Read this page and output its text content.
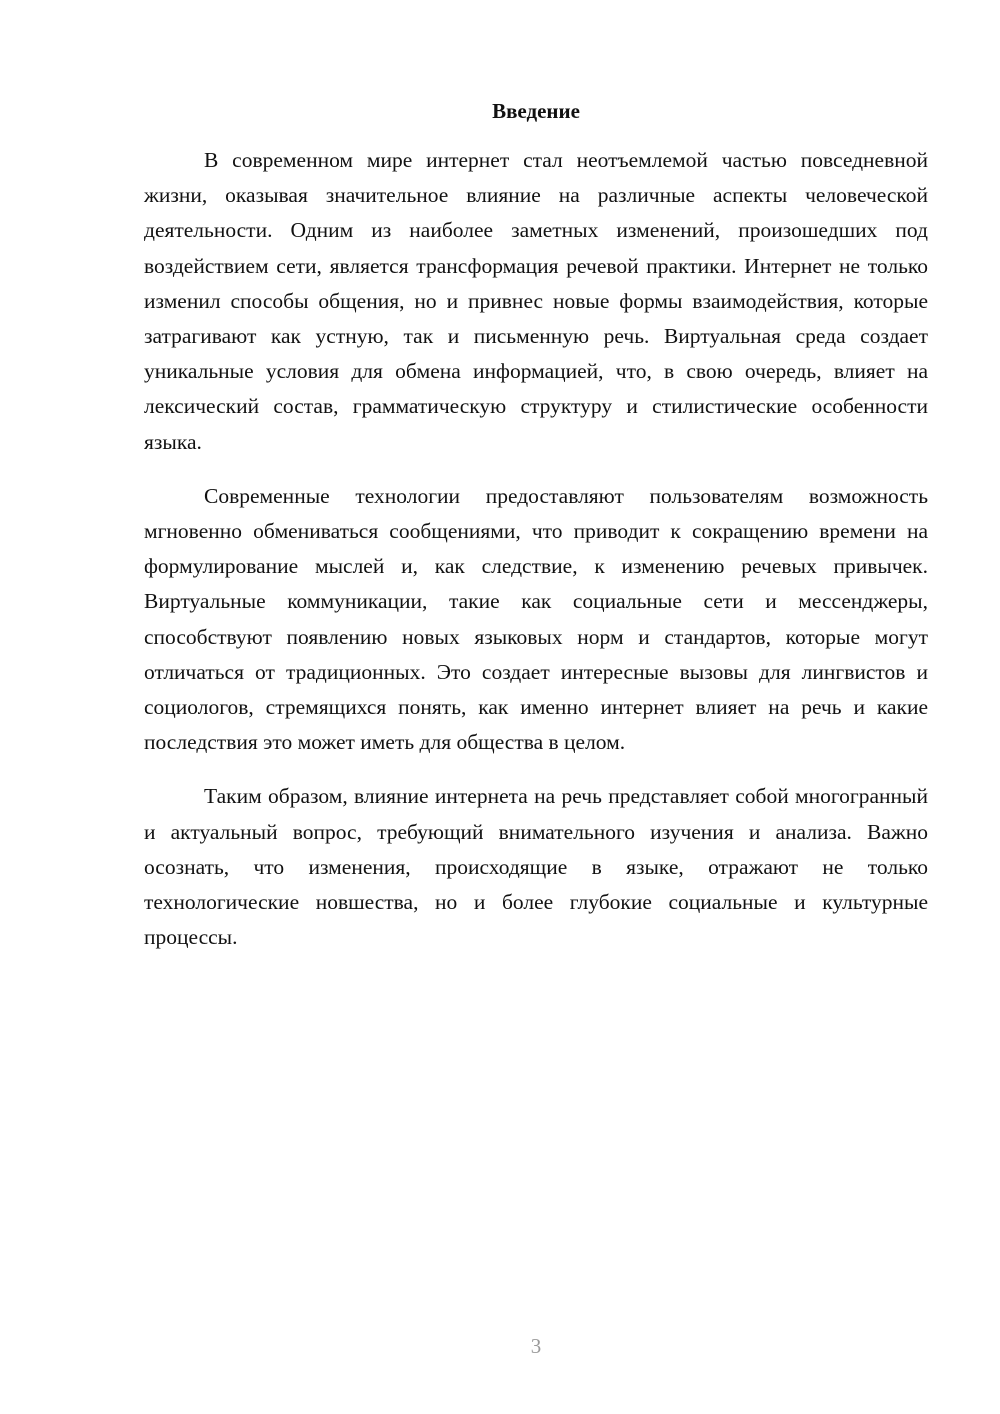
Введение

В современном мире интернет стал неотъемлемой частью повседневной жизни, оказывая значительное влияние на различные аспекты человеческой деятельности. Одним из наиболее заметных изменений, произошедших под воздействием сети, является трансформация речевой практики. Интернет не только изменил способы общения, но и привнес новые формы взаимодействия, которые затрагивают как устную, так и письменную речь. Виртуальная среда создает уникальные условия для обмена информацией, что, в свою очередь, влияет на лексический состав, грамматическую структуру и стилистические особенности языка.

Современные технологии предоставляют пользователям возможность мгновенно обмениваться сообщениями, что приводит к сокращению времени на формулирование мыслей и, как следствие, к изменению речевых привычек. Виртуальные коммуникации, такие как социальные сети и мессенджеры, способствуют появлению новых языковых норм и стандартов, которые могут отличаться от традиционных. Это создает интересные вызовы для лингвистов и социологов, стремящихся понять, как именно интернет влияет на речь и какие последствия это может иметь для общества в целом.

Таким образом, влияние интернета на речь представляет собой многогранный и актуальный вопрос, требующий внимательного изучения и анализа. Важно осознать, что изменения, происходящие в языке, отражают не только технологические новшества, но и более глубокие социальные и культурные процессы.

3
